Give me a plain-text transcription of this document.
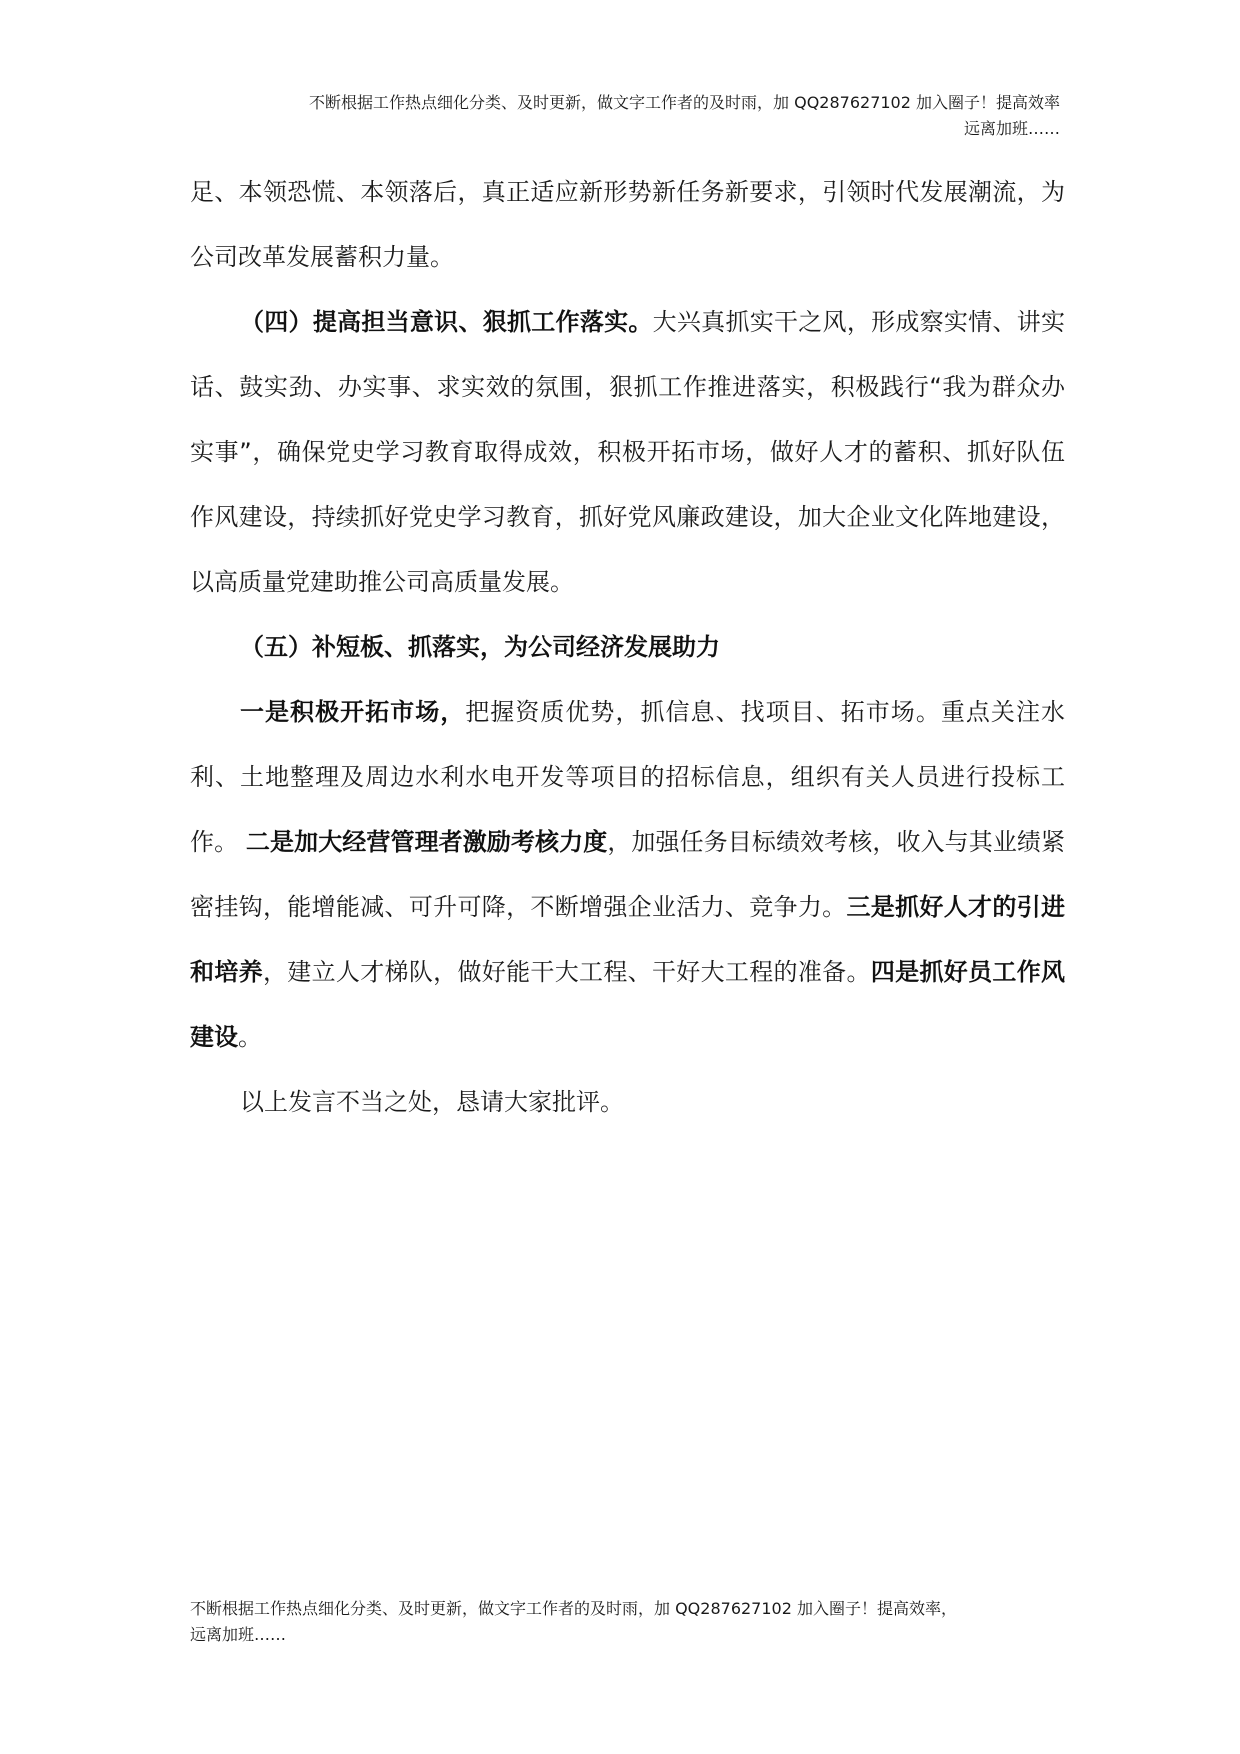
不断根据工作热点细化分类、及时更新，做文字工作者的及时雨，加 QQ287627102 加入圈子！提高效率
远离加班……

足、本领恐慌、本领落后，真正适应新形势新任务新要求，引领时代发展潮流，为公司改革发展蓄积力量。

（四）提高担当意识、狠抓工作落实。大兴真抓实干之风，形成察实情、讲实话、鼓实劲、办实事、求实效的氛围，狠抓工作推进落实，积极践行“我为群众办实事”，确保党史学习教育取得成效，积极开拓市场，做好人才的蓄积、抓好队伍作风建设，持续抓好党史学习教育，抓好党风廉政建设，加大企业文化阵地建设，以高质量党建助推公司高质量发展。

（五）补短板、抓落实，为公司经济发展助力

一是积极开拓市场，把握资质优势，抓信息、找项目、拓市场。重点关注水利、土地整理及周边水利水电开发等项目的招标信息，组织有关人员进行投标工作。 二是加大经营管理者激励考核力度，加强任务目标绩效考核，收入与其业绩紧密挂钩，能增能减、可升可降，不断增强企业活力、竞争力。三是抓好人才的引进和培养，建立人才梯队，做好能干大工程、干好大工程的准备。四是抓好员工作风建设。

以上发言不当之处，恳请大家批评。

不断根据工作热点细化分类、及时更新，做文字工作者的及时雨，加 QQ287627102 加入圈子！提高效率，
远离加班……
